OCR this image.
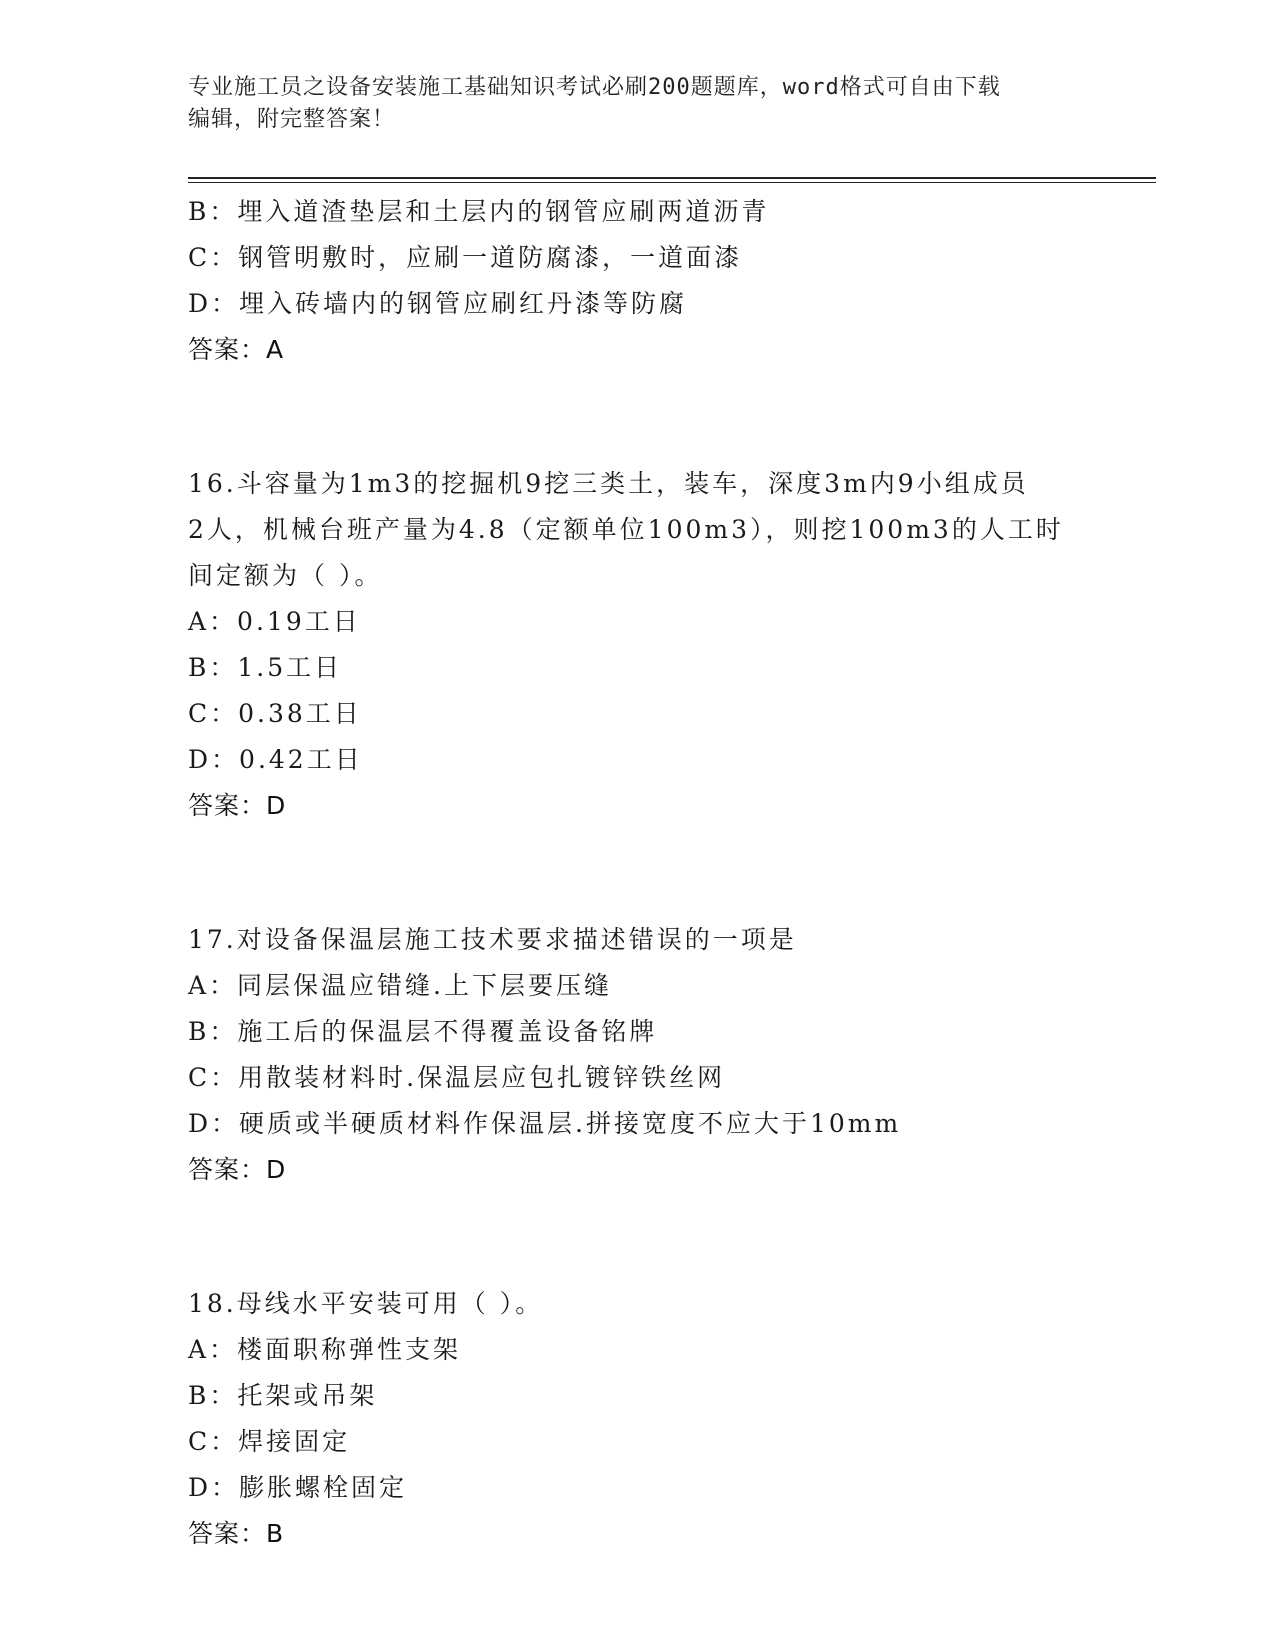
专业施工员之设备安装施工基础知识考试必刷200题题库，word格式可自由下载
编辑，附完整答案！
B：埋入道渣垫层和土层内的钢管应刷两道沥青
C：钢管明敷时，应刷一道防腐漆，一道面漆
D：埋入砖墙内的钢管应刷红丹漆等防腐
答案：A
16.斗容量为1m3的挖掘机9挖三类土，装车，深度3m内9小组成员
2人，机械台班产量为4.8（定额单位100m3），则挖100m3的人工时
间定额为（ ）。
A：0.19工日
B：1.5工日
C：0.38工日
D：0.42工日
答案：D
17.对设备保温层施工技术要求描述错误的一项是
A：同层保温应错缝.上下层要压缝
B：施工后的保温层不得覆盖设备铭牌
C：用散装材料时.保温层应包扎镀锌铁丝网
D：硬质或半硬质材料作保温层.拼接宽度不应大于10mm
答案：D
18.母线水平安装可用（ ）。
A：楼面职称弹性支架
B：托架或吊架
C：焊接固定
D：膨胀螺栓固定
答案：B
